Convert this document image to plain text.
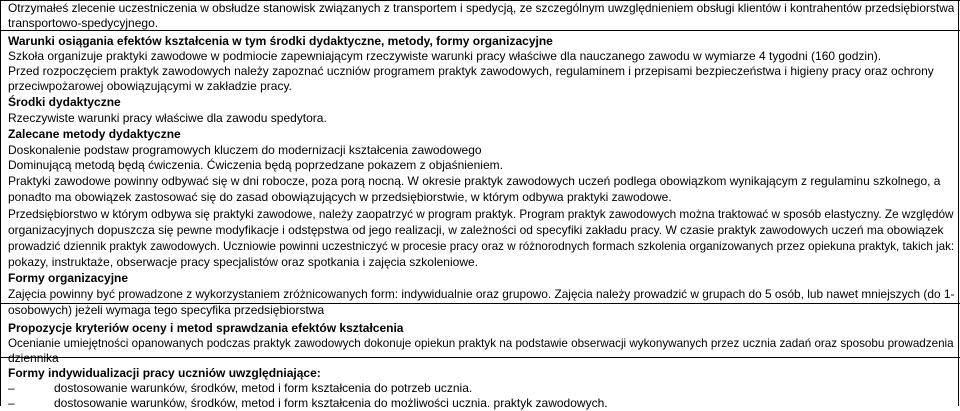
Otrzymałeś zlecenie uczestniczenia w obsłudze stanowisk związanych z transportem i spedycją, ze szczególnym uwzględnieniem obsługi klientów i kontrahentów przedsiębiorstwa
transportowo-spedycyjnego.
Warunki osiągania efektów kształcenia w tym środki dydaktyczne, metody, formy organizacyjne
Szkoła organizuje praktyki zawodowe w podmiocie zapewniającym rzeczywiste warunki pracy właściwe dla nauczanego zawodu w wymiarze 4 tygodni (160 godzin).
Przed rozpoczęciem praktyk zawodowych należy zapoznać uczniów programem praktyk zawodowych, regulaminem i przepisami bezpieczeństwa i higieny pracy oraz ochrony
przeciwpożarowej obowiązującymi w zakładzie pracy.
Środki dydaktyczne
Rzeczywiste warunki pracy właściwe dla zawodu spedytora.
Zalecane metody dydaktyczne
Doskonalenie podstaw programowych kluczem do modernizacji kształcenia zawodowego
Dominującą metodą będą ćwiczenia. Ćwiczenia będą poprzedzane pokazem z objaśnieniem.
Praktyki zawodowe powinny odbywać się w dni robocze, poza porą nocną. W okresie praktyk zawodowych uczeń podlega obowiązkom wynikającym z regulaminu szkolnego, a
ponadto ma obowiązek zastosować się do zasad obowiązujących w przedsiębiorstwie, w którym odbywa praktyki zawodowe.
Przedsiębiorstwo w którym odbywa się praktyki zawodowe, należy zaopatrzyć w program praktyk. Program praktyk zawodowych można traktować w sposób elastyczny. Ze względów
organizacyjnych dopuszcza się pewne modyfikacje i odstępstwa od jego realizacji, w zależności od specyfiki zakładu pracy. W czasie praktyk zawodowych uczeń ma obowiązek
prowadzić dziennik praktyk zawodowych. Uczniowie powinni uczestniczyć w procesie pracy oraz w różnorodnych formach szkolenia organizowanych przez opiekuna praktyk, takich jak:
pokazy, instruktaże, obserwacje pracy specjalistów oraz spotkania i zajęcia szkoleniowe.
Formy organizacyjne
Zajęcia powinny być prowadzone z wykorzystaniem zróżnicowanych form: indywidualnie oraz grupowo. Zajęcia należy prowadzić w grupach do 5 osób, lub nawet mniejszych (do 1-
osobowych) jeżeli wymaga tego specyfika przedsiębiorstwa
Propozycje kryteriów oceny i metod sprawdzania efektów kształcenia
Ocenianie umiejętności opanowanych podczas praktyk zawodowych dokonuje opiekun praktyk na podstawie obserwacji wykonywanych przez ucznia zadań oraz sposobu prowadzenia
dziennika
Formy indywidualizacji pracy uczniów uwzględniające:
–	dostosowanie warunków, środków, metod i form kształcenia do potrzeb ucznia.
–	dostosowanie warunków, środków, metod i form kształcenia do możliwości ucznia. praktyk zawodowych.
